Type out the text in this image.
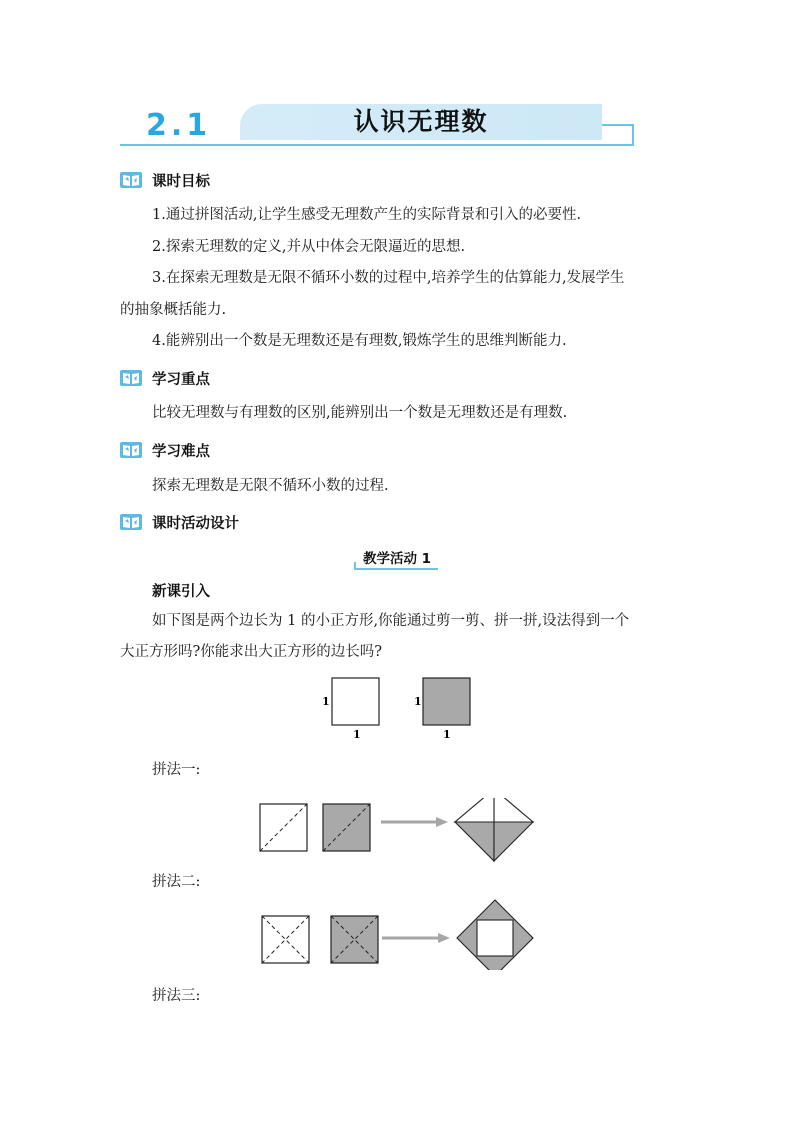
2.1	认识无理数
课时目标
1.通过拼图活动,让学生感受无理数产生的实际背景和引入的必要性.
2.探索无理数的定义,并从中体会无限逼近的思想.
3.在探索无理数是无限不循环小数的过程中,培养学生的估算能力,发展学生
的抽象概括能力.
4.能辨别出一个数是无理数还是有理数,锻炼学生的思维判断能力.
学习重点
比较无理数与有理数的区别,能辨别出一个数是无理数还是有理数.
学习难点
探索无理数是无限不循环小数的过程.
课时活动设计
教学活动 1
新课引入
如下图是两个边长为 1 的小正方形,你能通过剪一剪、拼一拼,设法得到一个
大正方形吗?你能求出大正方形的边长吗?
1
1
1
1
拼法一:
拼法二:
拼法三:
